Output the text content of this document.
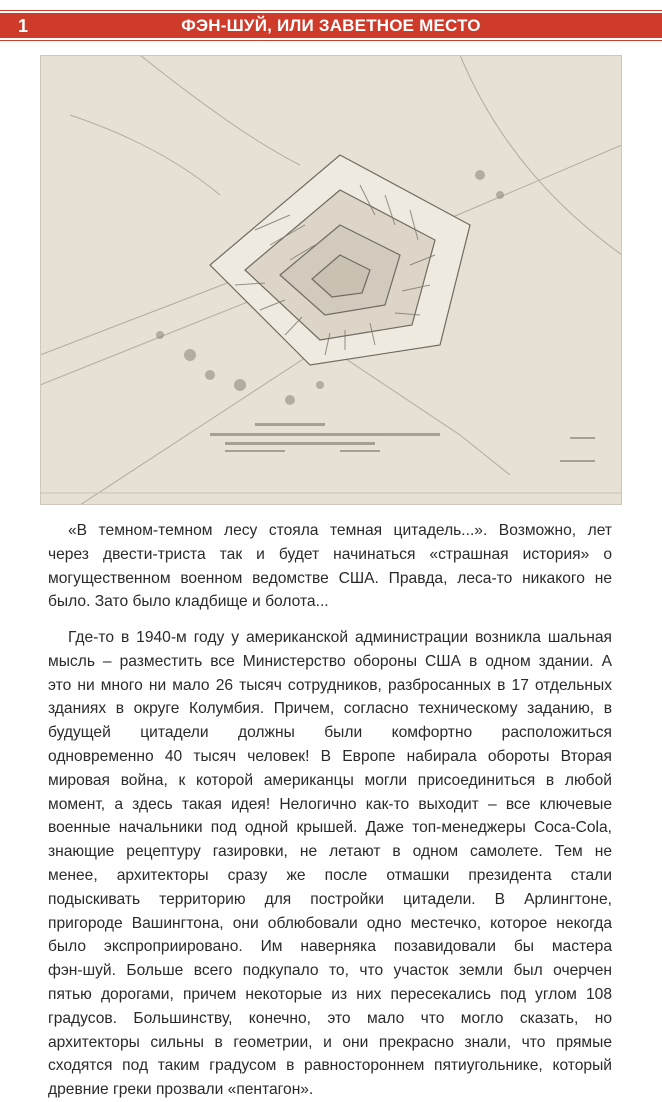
1	ФЭН-ШУЙ, ИЛИ ЗАВЕТНОЕ МЕСТО
«В темном-темном лесу стояла темная цитадель...». Возможно, лет
через двести-триста так и будет начинаться «страшная история» о
могущественном военном ведомстве США. Правда, леса-то никакого не
было. Зато было кладбище и болота...
Где-то в 1940-м году у американской администрации возникла шальная
мысль – разместить все Министерство обороны США в одном здании. А
это ни много ни мало 26 тысяч сотрудников, разбросанных в 17 отдельных
зданиях в округе Колумбия. Причем, согласно техническому заданию, в
будущей цитадели должны были комфортно расположиться
одновременно 40 тысяч человек! В Европе набирала обороты Вторая
мировая война, к которой американцы могли присоединиться в любой
момент, а здесь такая идея! Нелогично как-то выходит – все ключевые
военные начальники под одной крышей. Даже топ-менеджеры Coca-Cola,
знающие рецептуру газировки, не летают в одном самолете. Тем не
менее, архитекторы сразу же после отмашки президента стали
подыскивать территорию для постройки цитадели. В Арлингтоне,
пригороде Вашингтона, они облюбовали одно местечко, которое некогда
было экспроприировано. Им наверняка позавидовали бы мастера
фэн-шуй. Больше всего подкупало то, что участок земли был очерчен
пятью дорогами, причем некоторые из них пересекались под углом 108
градусов. Большинству, конечно, это мало что могло сказать, но
архитекторы сильны в геометрии, и они прекрасно знали, что прямые
сходятся под таким градусом в равностороннем пятиугольнике, который
древние греки прозвали «пентагон».
